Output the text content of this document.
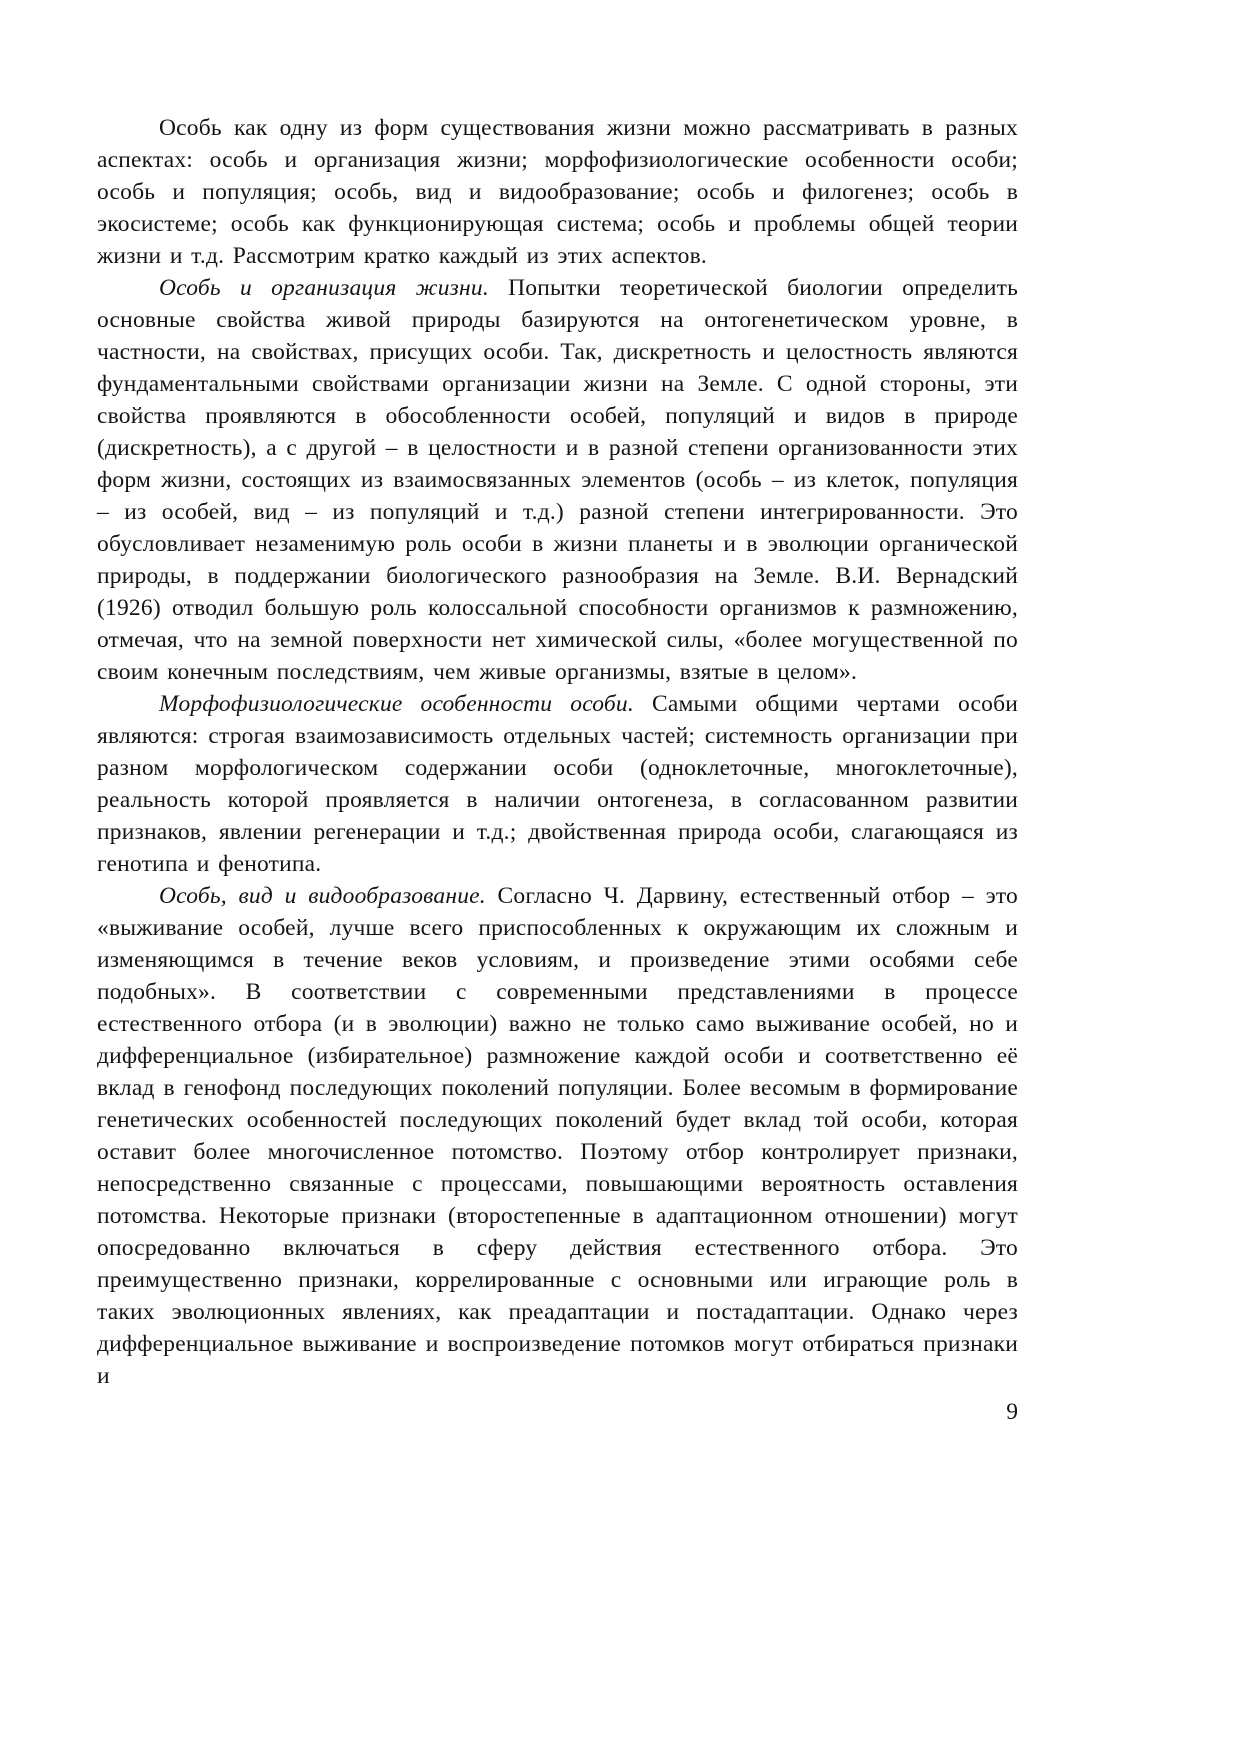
Особь как одну из форм существования жизни можно рассматривать в разных аспектах: особь и организация жизни; морфофизиологические особенности особи; особь и популяция; особь, вид и видообразование; особь и филогенез; особь в экосистеме; особь как функционирующая система; особь и проблемы общей теории жизни и т.д. Рассмотрим кратко каждый из этих аспектов.

Особь и организация жизни. Попытки теоретической биологии определить основные свойства живой природы базируются на онтогенетическом уровне, в частности, на свойствах, присущих особи. Так, дискретность и целостность являются фундаментальными свойствами организации жизни на Земле. С одной стороны, эти свойства проявляются в обособленности особей, популяций и видов в природе (дискретность), а с другой – в целостности и в разной степени организованности этих форм жизни, состоящих из взаимосвязанных элементов (особь – из клеток, популяция – из особей, вид – из популяций и т.д.) разной степени интегрированности. Это обусловливает незаменимую роль особи в жизни планеты и в эволюции органической природы, в поддержании биологического разнообразия на Земле. В.И. Вернадский (1926) отводил большую роль колоссальной способности организмов к размножению, отмечая, что на земной поверхности нет химической силы, «более могущественной по своим конечным последствиям, чем живые организмы, взятые в целом».

Морфофизиологические особенности особи. Самыми общими чертами особи являются: строгая взаимозависимость отдельных частей; системность организации при разном морфологическом содержании особи (одноклеточные, многоклеточные), реальность которой проявляется в наличии онтогенеза, в согласованном развитии признаков, явлении регенерации и т.д.; двойственная природа особи, слагающаяся из генотипа и фенотипа.

Особь, вид и видообразование. Согласно Ч. Дарвину, естественный отбор – это «выживание особей, лучше всего приспособленных к окружающим их сложным и изменяющимся в течение веков условиям, и произведение этими особями себе подобных». В соответствии с современными представлениями в процессе естественного отбора (и в эволюции) важно не только само выживание особей, но и дифференциальное (избирательное) размножение каждой особи и соответственно её вклад в генофонд последующих поколений популяции. Более весомым в формирование генетических особенностей последующих поколений будет вклад той особи, которая оставит более многочисленное потомство. Поэтому отбор контролирует признаки, непосредственно связанные с процессами, повышающими вероятность оставления потомства. Некоторые признаки (второстепенные в адаптационном отношении) могут опосредованно включаться в сферу действия естественного отбора. Это преимущественно признаки, коррелированные с основными или играющие роль в таких эволюционных явлениях, как преадаптации и постадаптации. Однако через дифференциальное выживание и воспроизведение потомков могут отбираться признаки и

9
